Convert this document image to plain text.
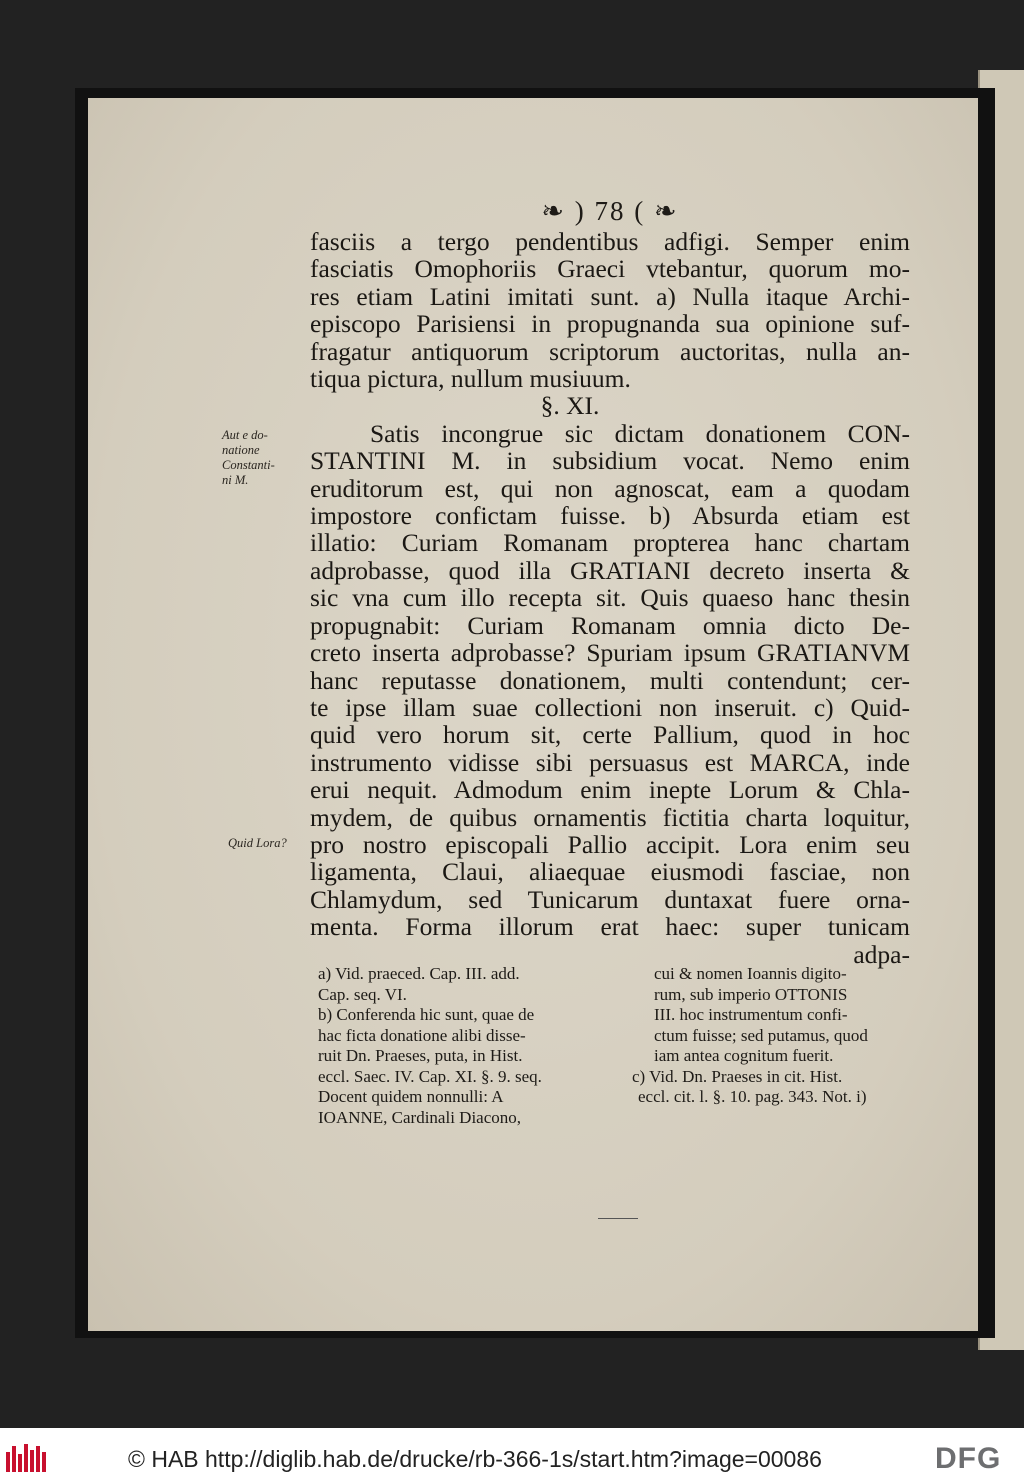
❧ ) 78 ( ❧
fasciis a tergo pendentibus adfigi. Semper enim
fasciatis Omophoriis Graeci vtebantur, quorum mo-
res etiam Latini imitati sunt. a) Nulla itaque Archi-
episcopo Parisiensi in propugnanda sua opinione suf-
fragatur antiquorum scriptorum auctoritas, nulla an-
tiqua pictura, nullum musiuum.
§. XI.
Satis incongrue sic dictam donationem CON-
STANTINI M. in subsidium vocat. Nemo enim
eruditorum est, qui non agnoscat, eam a quodam
impostore confictam fuisse. b) Absurda etiam est
illatio: Curiam Romanam propterea hanc chartam
adprobasse, quod illa GRATIANI decreto inserta &
sic vna cum illo recepta sit. Quis quaeso hanc thesin
propugnabit: Curiam Romanam omnia dicto De-
creto inserta adprobasse? Spuriam ipsum GRATIANVM
hanc reputasse donationem, multi contendunt; cer-
te ipse illam suae collectioni non inseruit. c) Quid-
quid vero horum sit, certe Pallium, quod in hoc
instrumento vidisse sibi persuasus est MARCA, inde
erui nequit. Admodum enim inepte Lorum & Chla-
mydem, de quibus ornamentis fictitia charta loquitur,
pro nostro episcopali Pallio accipit. Lora enim seu
ligamenta, Claui, aliaequae eiusmodi fasciae, non
Chlamydum, sed Tunicarum duntaxat fuere orna-
menta. Forma illorum erat haec: super tunicam
adpa-
Aut e do-
natione
Constanti-
ni M.
Quid Lora?
a) Vid. praeced. Cap. III. add.
Cap. seq. VI.
b) Conferenda hic sunt, quae de
hac ficta donatione alibi disse-
ruit Dn. Praeses, puta, in Hist.
eccl. Saec. IV. Cap. XI. §. 9. seq.
Docent quidem nonnulli: A
IOANNE, Cardinali Diacono,
cui & nomen Ioannis digito-
rum, sub imperio OTTONIS
III. hoc instrumentum confi-
ctum fuisse; sed putamus, quod
iam antea cognitum fuerit.
c) Vid. Dn. Praeses in cit. Hist.
eccl. cit. l. §. 10. pag. 343. Not. i)
© HAB http://diglib.hab.de/drucke/rb-366-1s/start.htm?image=00086	DFG
